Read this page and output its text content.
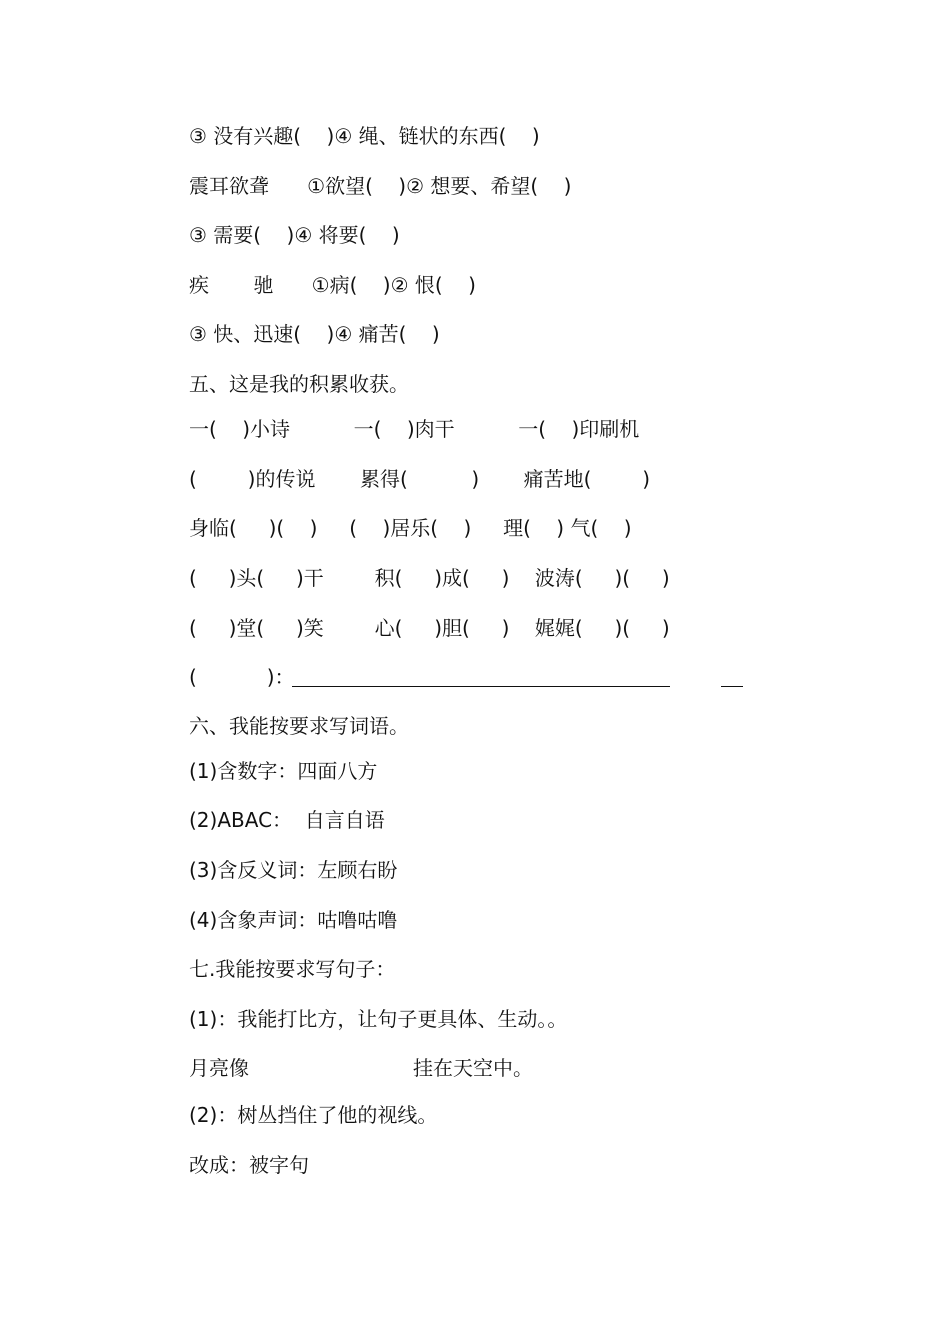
③ 没有兴趣(    )④ 绳、链状的东西(    )
震耳欲聋      ①欲望(    )② 想要、希望(    )
③ 需要(    )④ 将要(    )
疾       驰      ①病(    )② 恨(    )
③ 快、迅速(    )④ 痛苦(    )
五、这是我的积累收获。
一(    )小诗          一(    )肉干          一(    )印刷机
(        )的传说       累得(          )       痛苦地(        )
身临(     )(    )     (    )居乐(    )     理(    ) 气(    )
(     )头(     )干        积(     )成(     )    波涛(     )(     )
(     )堂(     )笑        心(     )胆(     )    娓娓(     )(     )
(           )：
六、我能按要求写词语。
(1)含数字：四面八方
(2)ABAC：  自言自语
(3)含反义词：左顾右盼
(4)含象声词：咕噜咕噜
七.我能按要求写句子：
(1)：我能打比方，让句子更具体、生动。。
月亮像	挂在天空中。
(2)：树丛挡住了他的视线。
改成：被字句
